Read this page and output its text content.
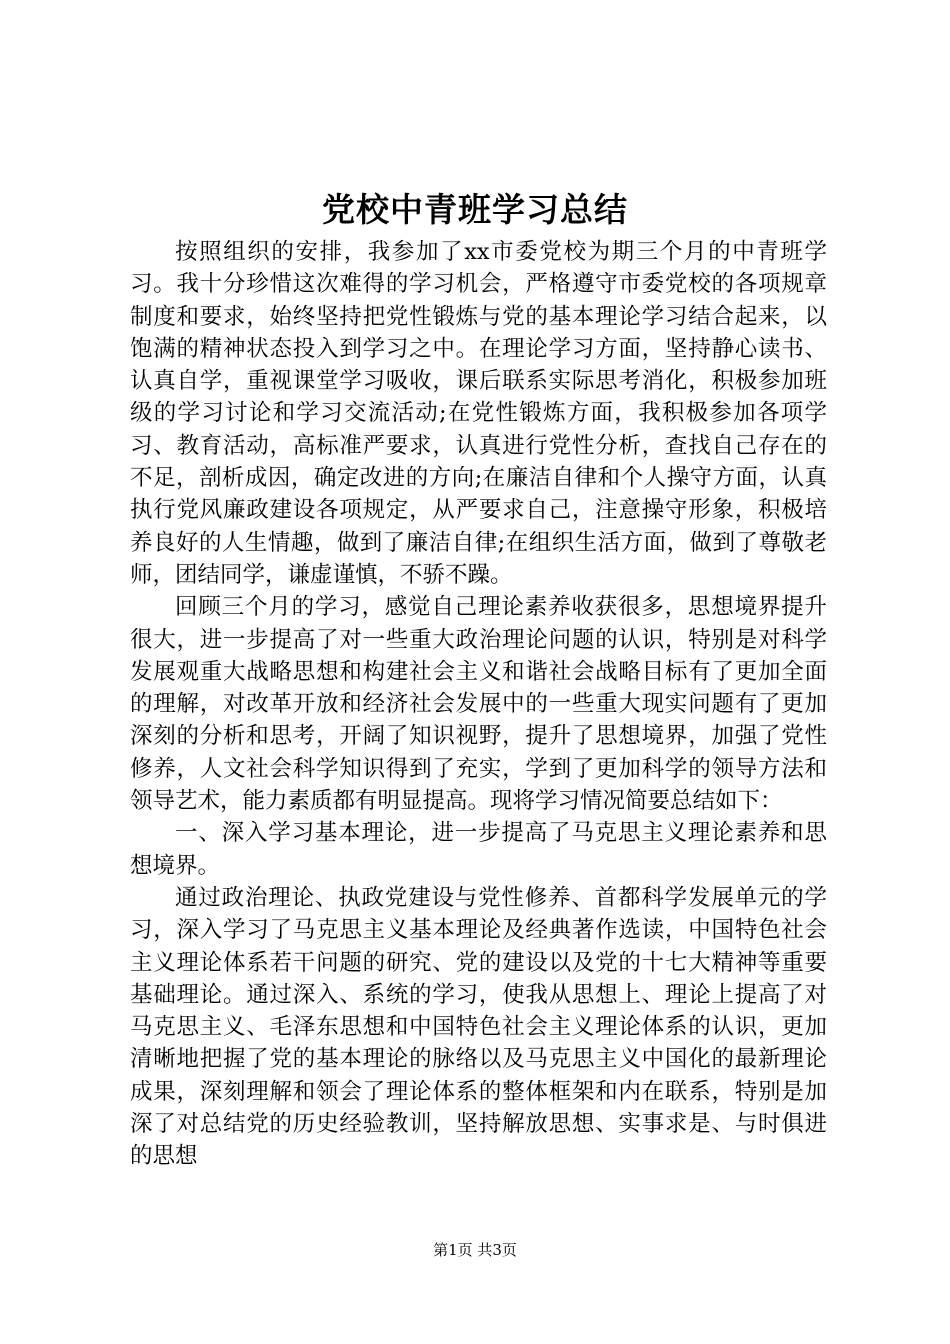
党校中青班学习总结

按照组织的安排，我参加了xx市委党校为期三个月的中青班学习。我十分珍惜这次难得的学习机会，严格遵守市委党校的各项规章制度和要求，始终坚持把党性锻炼与党的基本理论学习结合起来，以饱满的精神状态投入到学习之中。在理论学习方面，坚持静心读书、认真自学，重视课堂学习吸收，课后联系实际思考消化，积极参加班级的学习讨论和学习交流活动;在党性锻炼方面，我积极参加各项学习、教育活动，高标准严要求，认真进行党性分析，查找自己存在的不足，剖析成因，确定改进的方向;在廉洁自律和个人操守方面，认真执行党风廉政建设各项规定，从严要求自己，注意操守形象，积极培养良好的人生情趣，做到了廉洁自律;在组织生活方面，做到了尊敬老师，团结同学，谦虚谨慎，不骄不躁。

回顾三个月的学习，感觉自己理论素养收获很多，思想境界提升很大，进一步提高了对一些重大政治理论问题的认识，特别是对科学发展观重大战略思想和构建社会主义和谐社会战略目标有了更加全面的理解，对改革开放和经济社会发展中的一些重大现实问题有了更加深刻的分析和思考，开阔了知识视野，提升了思想境界，加强了党性修养，人文社会科学知识得到了充实，学到了更加科学的领导方法和领导艺术，能力素质都有明显提高。现将学习情况简要总结如下：

一、深入学习基本理论，进一步提高了马克思主义理论素养和思想境界。

通过政治理论、执政党建设与党性修养、首都科学发展单元的学习，深入学习了马克思主义基本理论及经典著作选读，中国特色社会主义理论体系若干问题的研究、党的建设以及党的十七大精神等重要基础理论。通过深入、系统的学习，使我从思想上、理论上提高了对马克思主义、毛泽东思想和中国特色社会主义理论体系的认识，更加清晰地把握了党的基本理论的脉络以及马克思主义中国化的最新理论成果，深刻理解和领会了理论体系的整体框架和内在联系，特别是加深了对总结党的历史经验教训，坚持解放思想、实事求是、与时俱进的思想

第1页 共3页
